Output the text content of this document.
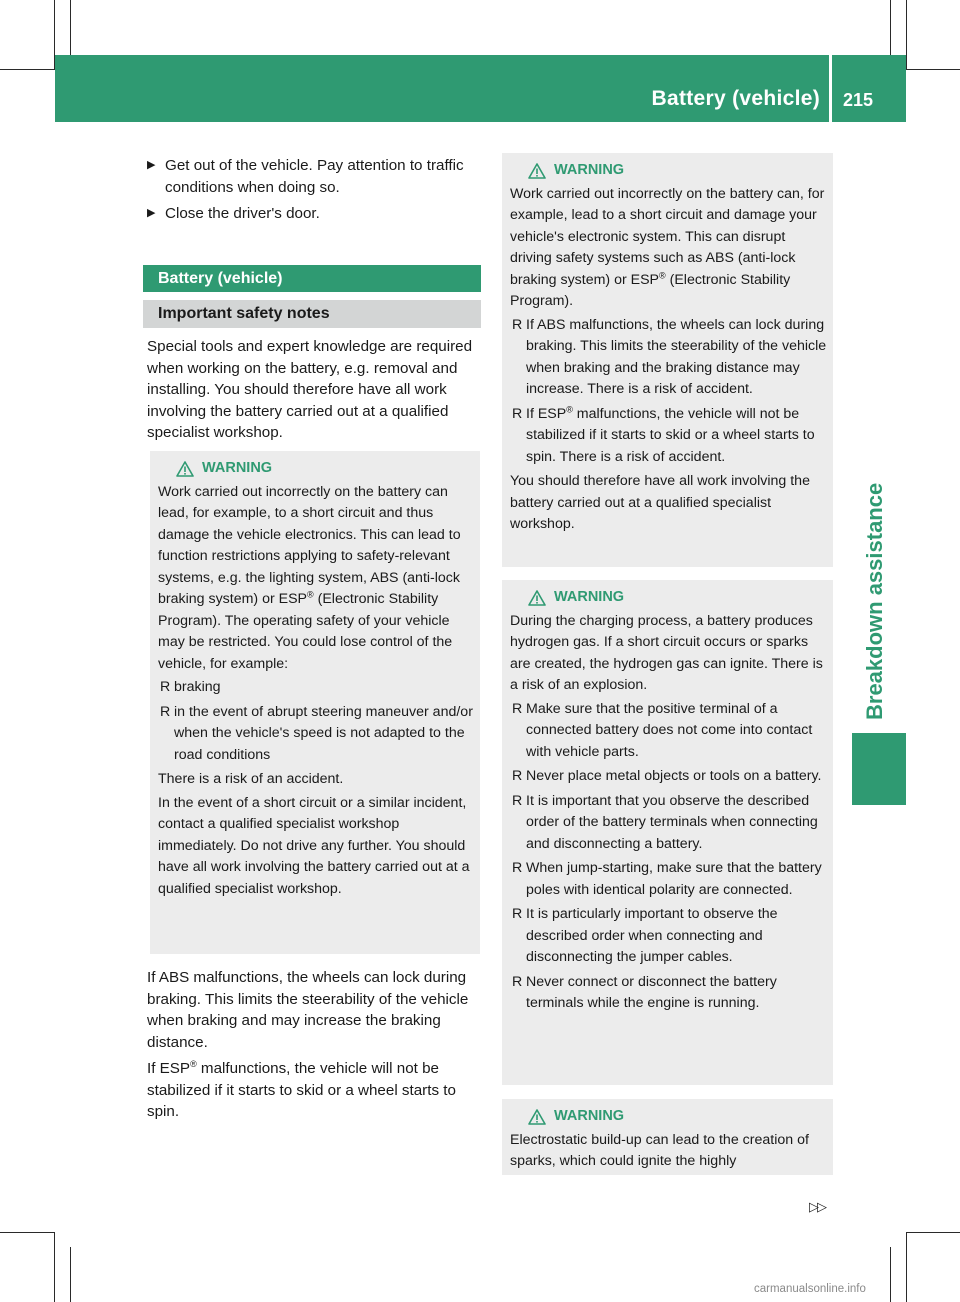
Battery (vehicle) 215
Breakdown assistance
▶ Get out of the vehicle. Pay attention to traffic conditions when doing so.
▶ Close the driver's door.
Battery (vehicle)
Important safety notes

Special tools and expert knowledge are required when working on the battery, e.g. removal and installing. You should therefore have all work involving the battery carried out at a qualified specialist workshop.

WARNING

Work carried out incorrectly on the battery can lead, for example, to a short circuit and thus damage the vehicle electronics. This can lead to function restrictions applying to safety-relevant systems, e.g. the lighting system, ABS (anti-lock braking system) or ESP® (Electronic Stability Program). The operating safety of your vehicle may be restricted. You could lose control of the vehicle, for example:

R braking
R in the event of abrupt steering maneuver and/or when the vehicle's speed is not adapted to the road conditions

There is a risk of an accident.

In the event of a short circuit or a similar incident, contact a qualified specialist workshop immediately. Do not drive any further. You should have all work involving the battery carried out at a qualified specialist workshop.

If ABS malfunctions, the wheels can lock during braking. This limits the steerability of the vehicle when braking and may increase the braking distance.

If ESP® malfunctions, the vehicle will not be stabilized if it starts to skid or a wheel starts to spin.

WARNING

Work carried out incorrectly on the battery can, for example, lead to a short circuit and damage your vehicle's electronic system. This can disrupt driving safety systems such as ABS (anti-lock braking system) or ESP® (Electronic Stability Program).

R If ABS malfunctions, the wheels can lock during braking. This limits the steerability of the vehicle when braking and the braking distance may increase. There is a risk of accident.
R If ESP® malfunctions, the vehicle will not be stabilized if it starts to skid or a wheel starts to spin. There is a risk of accident.

You should therefore have all work involving the battery carried out at a qualified specialist workshop.

WARNING

During the charging process, a battery produces hydrogen gas. If a short circuit occurs or sparks are created, the hydrogen gas can ignite. There is a risk of an explosion.

R Make sure that the positive terminal of a connected battery does not come into contact with vehicle parts.
R Never place metal objects or tools on a battery.
R It is important that you observe the described order of the battery terminals when connecting and disconnecting a battery.
R When jump-starting, make sure that the battery poles with identical polarity are connected.
R It is particularly important to observe the described order when connecting and disconnecting the jumper cables.
R Never connect or disconnect the battery terminals while the engine is running.
WARNING

Electrostatic build-up can lead to the creation of sparks, which could ignite the highly

▷▷
carmanualsonline.info
